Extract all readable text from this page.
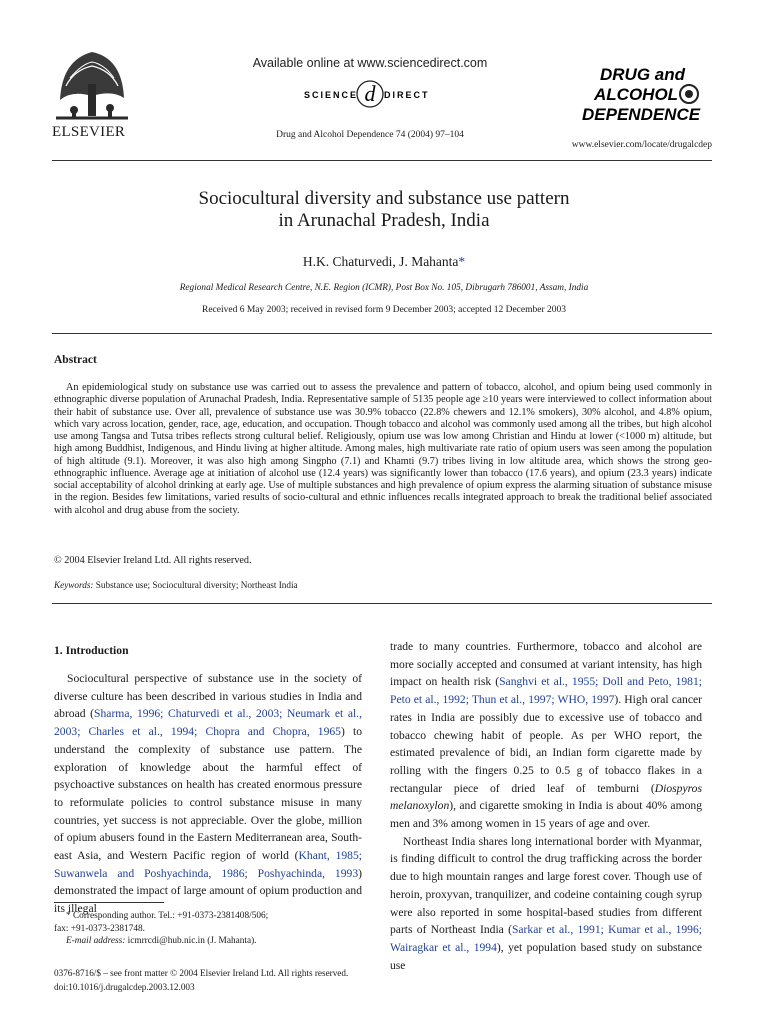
ELSEVIER
Available online at www.sciencedirect.com
SCIENCE d DIRECT
Drug and Alcohol Dependence 74 (2004) 97–104
DRUG and
ALCOHOL
DEPENDENCE
www.elsevier.com/locate/drugalcdep
Sociocultural diversity and substance use pattern
in Arunachal Pradesh, India
H.K. Chaturvedi, J. Mahanta*
Regional Medical Research Centre, N.E. Region (ICMR), Post Box No. 105, Dibrugarh 786001, Assam, India
Received 6 May 2003; received in revised form 9 December 2003; accepted 12 December 2003
Abstract

An epidemiological study on substance use was carried out to assess the prevalence and pattern of tobacco, alcohol, and opium being used commonly in ethnographic diverse population of Arunachal Pradesh, India. Representative sample of 5135 people age ≥10 years were interviewed to collect information about their habit of substance use. Over all, prevalence of substance use was 30.9% tobacco (22.8% chewers and 12.1% smokers), 30% alcohol, and 4.8% opium, which vary across location, gender, race, age, education, and occupation. Though tobacco and alcohol was commonly used among all the tribes, but high alcohol use among Tangsa and Tutsa tribes reflects strong cultural belief. Religiously, opium use was low among Christian and Hindu at lower (<1000 m) altitude, but high among Buddhist, Indigenous, and Hindu living at higher altitude. Among males, high multivariate rate ratio of opium users was seen among the population of high altitude (9.1). Moreover, it was also high among Singpho (7.1) and Khamti (9.7) tribes living in low altitude area, which shows the strong geo-ethnographic influence. Average age at initiation of alcohol use (12.4 years) was significantly lower than tobacco (17.6 years), and opium (23.3 years) indicate social acceptability of alcohol drinking at early age. Use of multiple substances and high prevalence of opium express the alarming situation of substance misuse in the region. Besides few limitations, varied results of socio-cultural and ethnic influences recalls integrated approach to break the traditional belief associated with alcohol and drug abuse from the society.

© 2004 Elsevier Ireland Ltd. All rights reserved.
Keywords: Substance use; Sociocultural diversity; Northeast India
1. Introduction

Sociocultural perspective of substance use in the society of diverse culture has been described in various studies in India and abroad (Sharma, 1996; Chaturvedi et al., 2003; Neumark et al., 2003; Charles et al., 1994; Chopra and Chopra, 1965) to understand the complexity of substance use pattern. The exploration of knowledge about the harmful effect of psychoactive substances on health has created enormous pressure to reformulate policies to control substance misuse in many countries, yet success is not appreciable. Over the globe, million of opium abusers found in the Eastern Mediterranean area, South-east Asia, and Western Pacific region of world (Khant, 1985; Suwanwela and Poshyachinda, 1986; Poshyachinda, 1993) demonstrated the impact of large amount of opium production and its illegal

trade to many countries. Furthermore, tobacco and alcohol are more socially accepted and consumed at variant intensity, has high impact on health risk (Sanghvi et al., 1955; Doll and Peto, 1981; Peto et al., 1992; Thun et al., 1997; WHO, 1997). High oral cancer rates in India are possibly due to excessive use of tobacco and tobacco chewing habit of people. As per WHO report, the estimated prevalence of bidi, an Indian form cigarette made by rolling with the fingers 0.25 to 0.5 g of tobacco flakes in a rectangular piece of dried leaf of temburni (Diospyros melanoxylon), and cigarette smoking in India is about 40% among men and 3% among women in 15 years of age and over.

Northeast India shares long international border with Myanmar, is finding difficult to control the drug trafficking across the border due to high mountain ranges and large forest cover. Though use of heroin, proxyvan, tranquilizer, and codeine containing cough syrup were also reported in some hospital-based studies from different parts of Northeast India (Sarkar et al., 1991; Kumar et al., 1996; Wairagkar et al., 1994), yet population based study on substance use

* Corresponding author. Tel.: +91-0373-2381408/506;
fax: +91-0373-2381748.
E-mail address: icmrrcdi@hub.nic.in (J. Mahanta).
0376-8716/$ – see front matter © 2004 Elsevier Ireland Ltd. All rights reserved.
doi:10.1016/j.drugalcdep.2003.12.003
